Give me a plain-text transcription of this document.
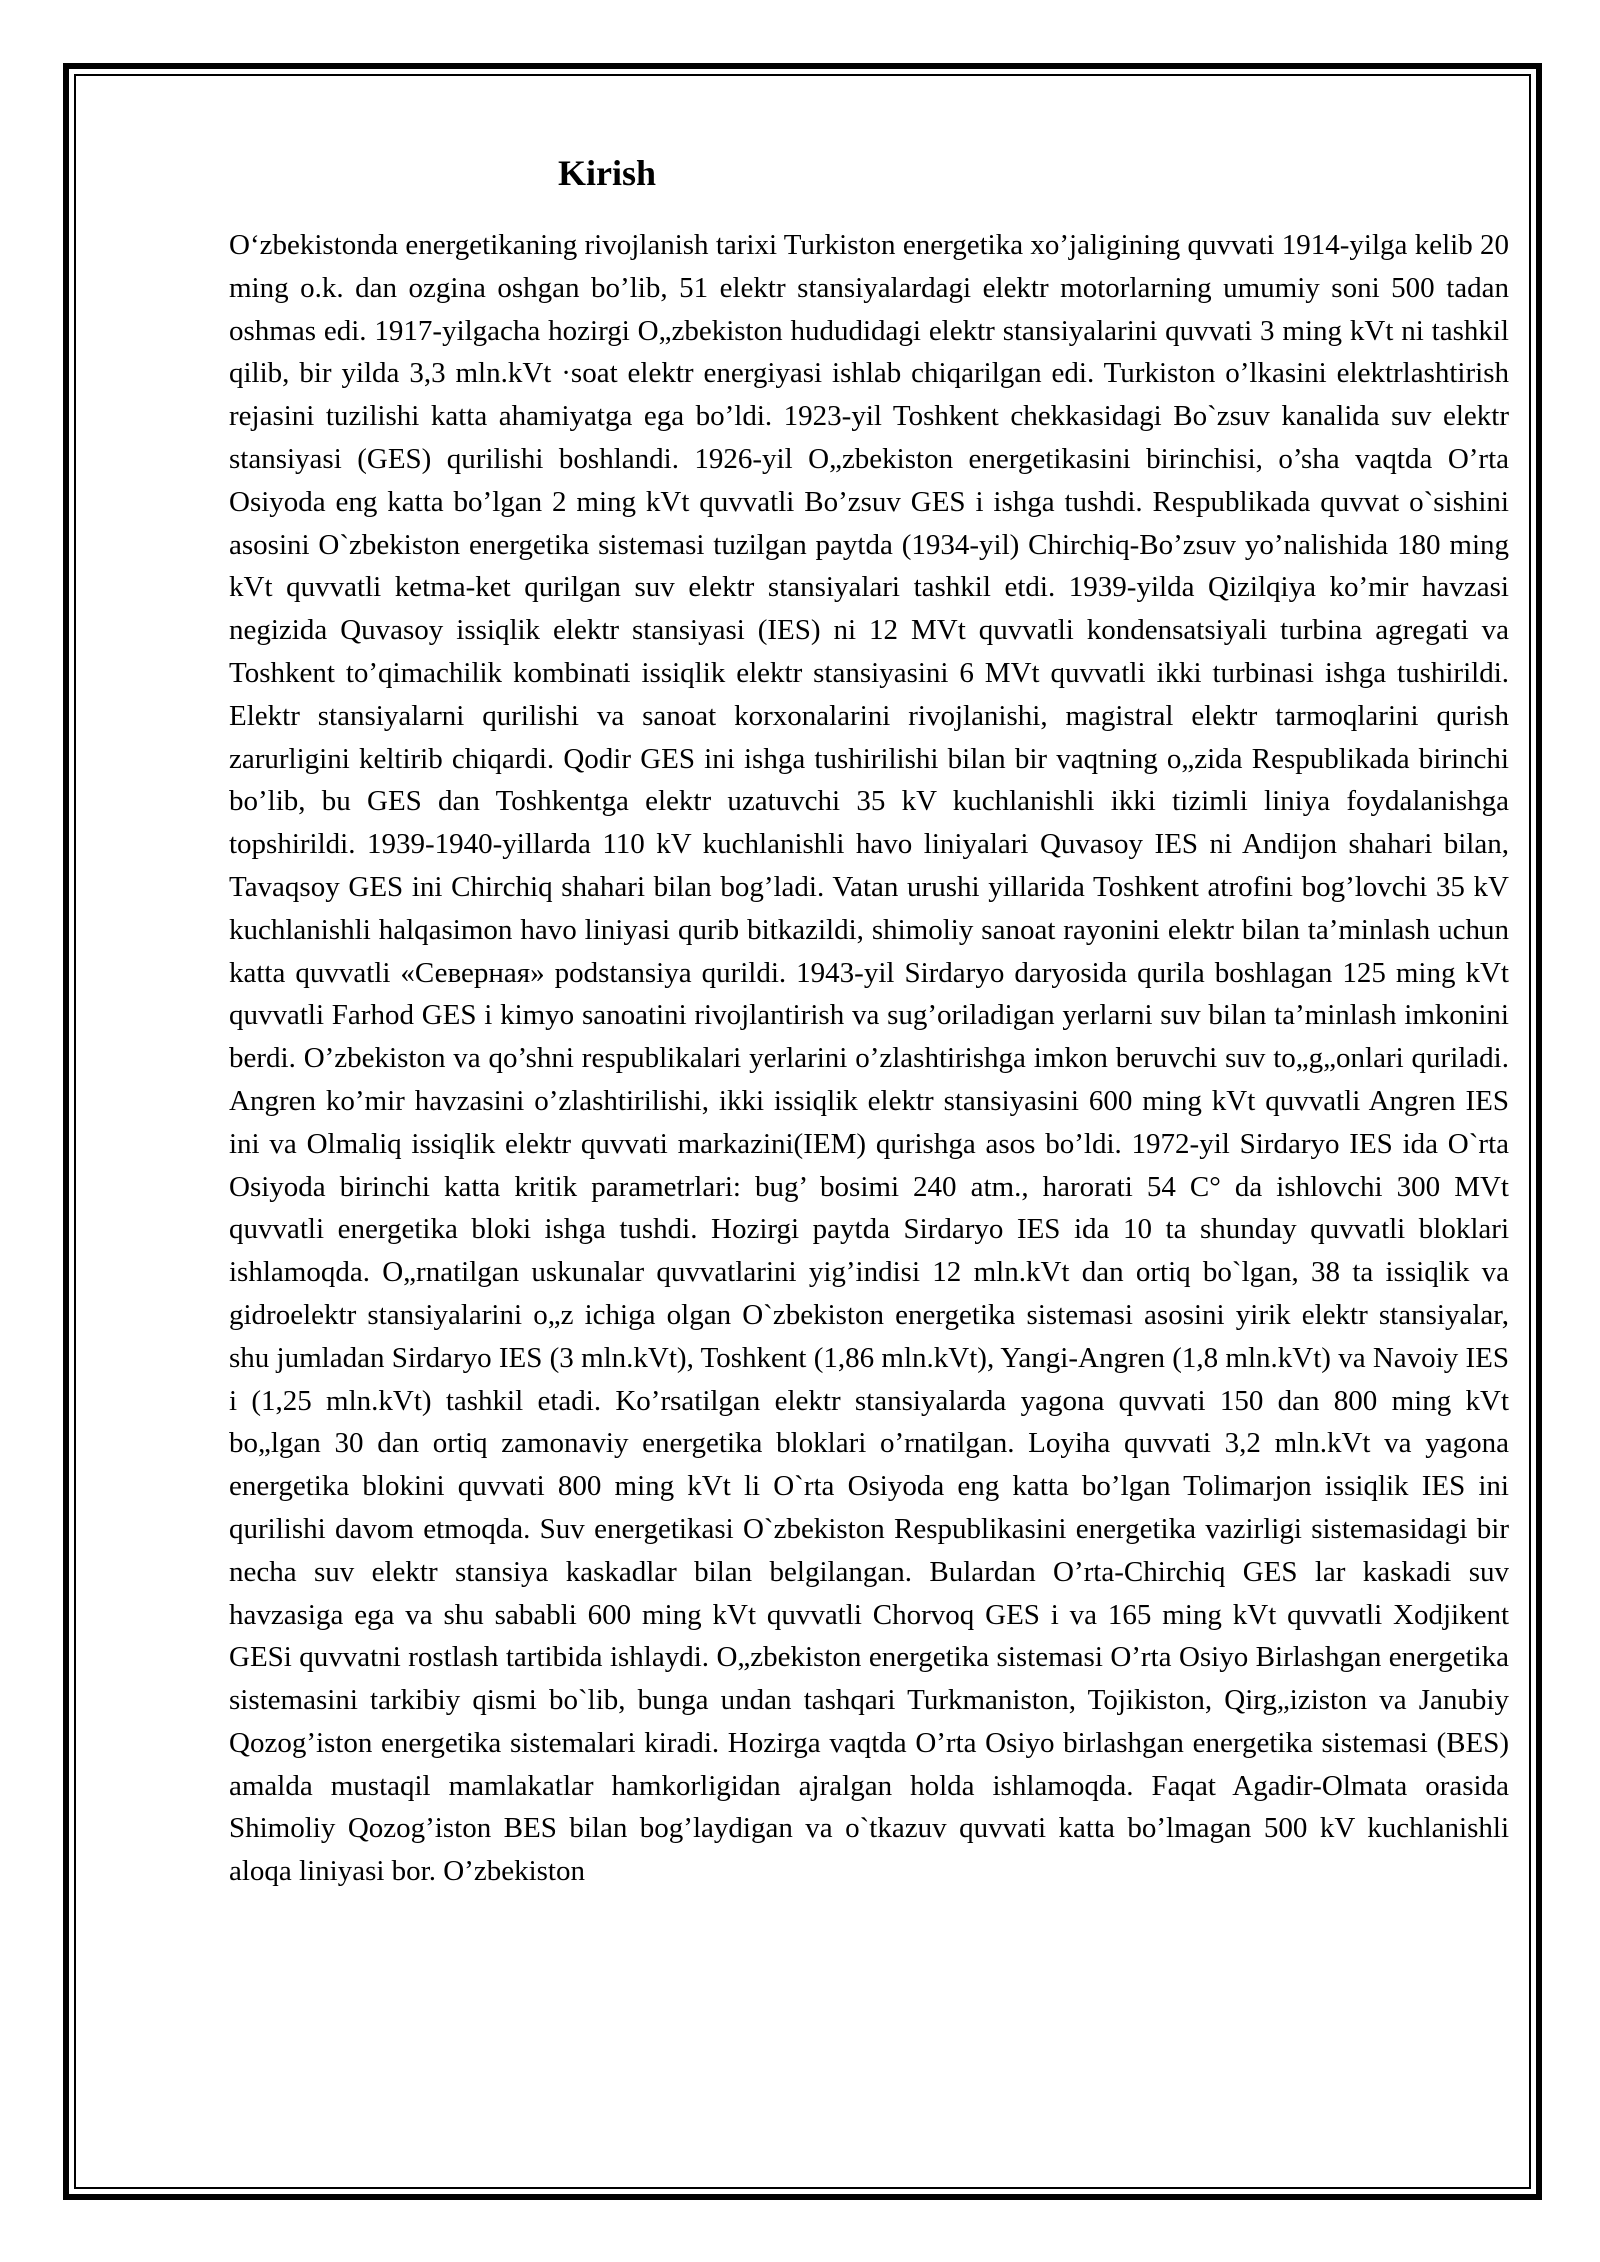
Kirish

O‘zbekistonda energetikaning rivojlanish tarixi Turkiston energetika xo’jaligining quvvati 1914-yilga kelib 20 ming o.k. dan ozgina oshgan bo’lib, 51 elektr stansiyalardagi elektr motorlarning umumiy soni 500 tadan oshmas edi. 1917-yilgacha hozirgi O„zbekiston hududidagi elektr stansiyalarini quvvati 3 ming kVt ni tashkil qilib, bir yilda 3,3 mln.kVt ·soat elektr energiyasi ishlab chiqarilgan edi. Turkiston o’lkasini elektrlashtirish rejasini tuzilishi katta ahamiyatga ega bo’ldi. 1923-yil Toshkent chekkasidagi Bo`zsuv kanalida suv elektr stansiyasi (GES) qurilishi boshlandi. 1926-yil O„zbekiston energetikasini birinchisi, o’sha vaqtda O’rta Osiyoda eng katta bo’lgan 2 ming kVt quvvatli Bo’zsuv GES i ishga tushdi. Respublikada quvvat o`sishini asosini O`zbekiston energetika sistemasi tuzilgan paytda (1934-yil) Chirchiq-Bo’zsuv yo’nalishida 180 ming kVt quvvatli ketma-ket qurilgan suv elektr stansiyalari tashkil etdi. 1939-yilda Qizilqiya ko’mir havzasi negizida Quvasoy issiqlik elektr stansiyasi (IES) ni 12 MVt quvvatli kondensatsiyali turbina agregati va Toshkent to’qimachilik kombinati issiqlik elektr stansiyasini 6 MVt quvvatli ikki turbinasi ishga tushirildi. Elektr stansiyalarni qurilishi va sanoat korxonalarini rivojlanishi, magistral elektr tarmoqlarini qurish zarurligini keltirib chiqardi. Qodir GES ini ishga tushirilishi bilan bir vaqtning o„zida Respublikada birinchi bo’lib, bu GES dan Toshkentga elektr uzatuvchi 35 kV kuchlanishli ikki tizimli liniya foydalanishga topshirildi. 1939-1940-yillarda 110 kV kuchlanishli havo liniyalari Quvasoy IES ni Andijon shahari bilan, Tavaqsoy GES ini Chirchiq shahari bilan bog’ladi. Vatan urushi yillarida Toshkent atrofini bog’lovchi 35 kV kuchlanishli halqasimon havo liniyasi qurib bitkazildi, shimoliy sanoat rayonini elektr bilan ta’minlash uchun katta quvvatli «Северная» podstansiya qurildi. 1943-yil Sirdaryo daryosida qurila boshlagan 125 ming kVt quvvatli Farhod GES i kimyo sanoatini rivojlantirish va sug’oriladigan yerlarni suv bilan ta’minlash imkonini berdi. O’zbekiston va qo’shni respublikalari yerlarini o’zlashtirishga imkon beruvchi suv to„g„onlari quriladi. Angren ko’mir havzasini o’zlashtirilishi, ikki issiqlik elektr stansiyasini 600 ming kVt quvvatli Angren IES ini va Olmaliq issiqlik elektr quvvati markazini(IEM) qurishga asos bo’ldi. 1972-yil Sirdaryo IES ida O`rta Osiyoda birinchi katta kritik parametrlari: bug’ bosimi 240 atm., harorati 54 C° da ishlovchi 300 MVt quvvatli energetika bloki ishga tushdi. Hozirgi paytda Sirdaryo IES ida 10 ta shunday quvvatli bloklari ishlamoqda. O„rnatilgan uskunalar quvvatlarini yig’indisi 12 mln.kVt dan ortiq bo`lgan, 38 ta issiqlik va gidroelektr stansiyalarini o„z ichiga olgan O`zbekiston energetika sistemasi asosini yirik elektr stansiyalar, shu jumladan Sirdaryo IES (3 mln.kVt), Toshkent (1,86 mln.kVt), Yangi-Angren (1,8 mln.kVt) va Navoiy IES i (1,25 mln.kVt) tashkil etadi. Ko’rsatilgan elektr stansiyalarda yagona quvvati 150 dan 800 ming kVt bo„lgan 30 dan ortiq zamonaviy energetika bloklari o’rnatilgan. Loyiha quvvati 3,2 mln.kVt va yagona energetika blokini quvvati 800 ming kVt li O`rta Osiyoda eng katta bo’lgan Tolimarjon issiqlik IES ini qurilishi davom etmoqda. Suv energetikasi O`zbekiston Respublikasini energetika vazirligi sistemasidagi bir necha suv elektr stansiya kaskadlar bilan belgilangan. Bulardan O’rta-Chirchiq GES lar kaskadi suv havzasiga ega va shu sababli 600 ming kVt quvvatli Chorvoq GES i va 165 ming kVt quvvatli Xodjikent GESi quvvatni rostlash tartibida ishlaydi. O„zbekiston energetika sistemasi O’rta Osiyo Birlashgan energetika sistemasini tarkibiy qismi bo`lib, bunga undan tashqari Turkmaniston, Tojikiston, Qirg„iziston va Janubiy Qozog’iston energetika sistemalari kiradi. Hozirga vaqtda O’rta Osiyo birlashgan energetika sistemasi (BES) amalda mustaqil mamlakatlar hamkorligidan ajralgan holda ishlamoqda. Faqat Agadir-Olmata orasida Shimoliy Qozog’iston BES bilan bog’laydigan va o`tkazuv quvvati katta bo’lmagan 500 kV kuchlanishli aloqa liniyasi bor. O’zbekiston
